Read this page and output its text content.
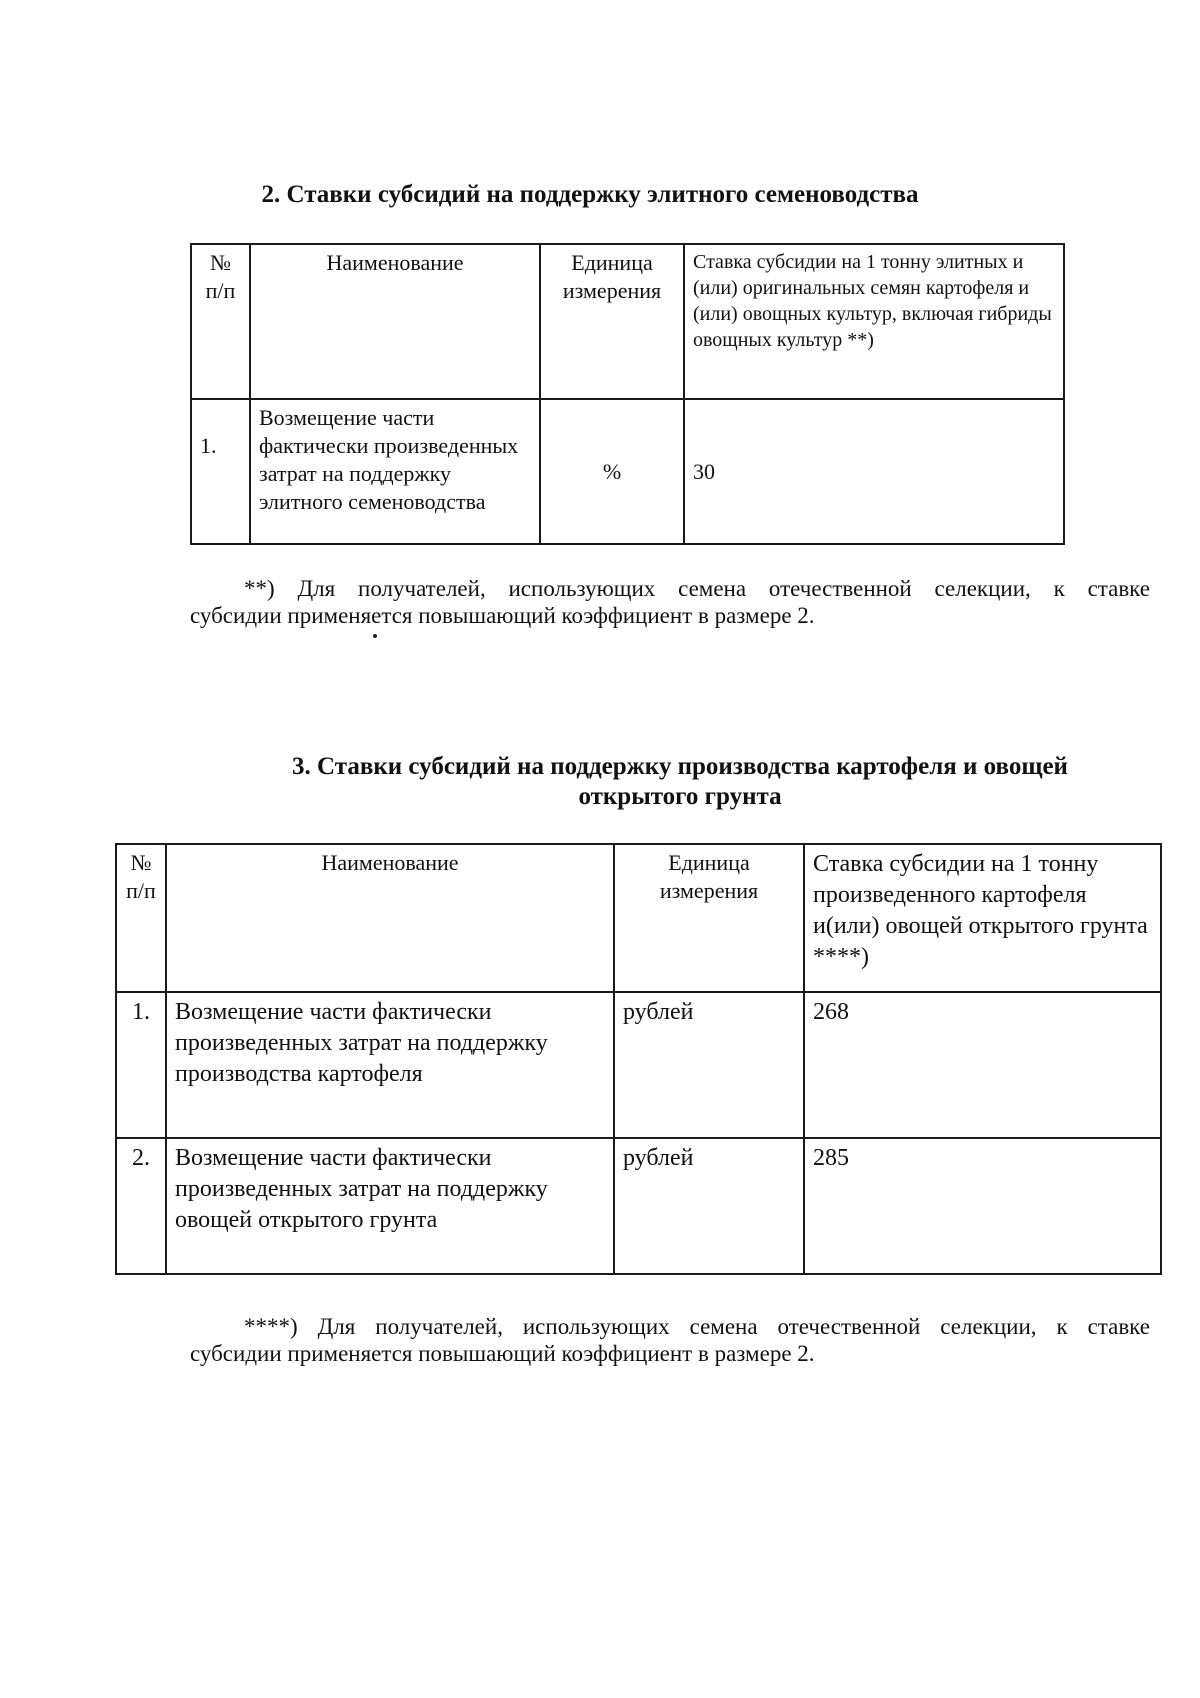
2. Ставки субсидий на поддержку элитного семеноводства
№ п/п	Наименование	Единица измерения	Ставка субсидии на 1 тонну элитных и (или) оригинальных семян картофеля и (или) овощных культур, включая гибриды овощных культур **)
1.	Возмещение части фактически произведенных затрат на поддержку элитного семеноводства	%	30
**) Для получателей, использующих семена отечественной селекции, к ставке
субсидии применяется повышающий коэффициент в размере 2.
3. Ставки субсидий на поддержку производства картофеля и овощей
открытого грунта
№ п/п	Наименование	Единица измерения	Ставка субсидии на 1 тонну произведенного картофеля и(или) овощей открытого грунта ****)
1.	Возмещение части фактически произведенных затрат на поддержку производства картофеля	рублей	268
2.	Возмещение части фактически произведенных затрат на поддержку овощей открытого грунта	рублей	285
****) Для получателей, использующих семена отечественной селекции, к ставке
субсидии применяется повышающий коэффициент в размере 2.
